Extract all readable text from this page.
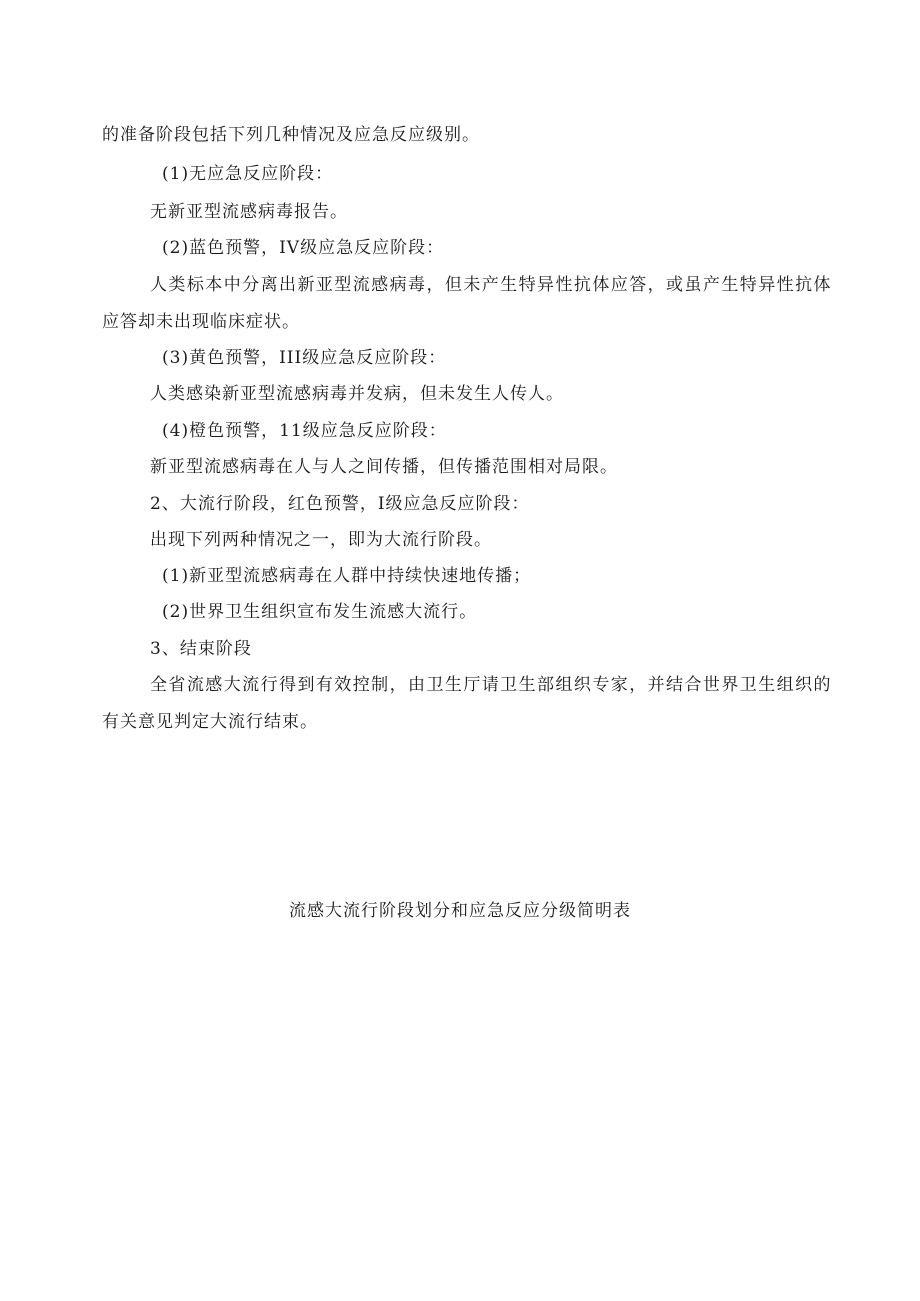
的准备阶段包括下列几种情况及应急反应级别。
(1)无应急反应阶段：
无新亚型流感病毒报告。
(2)蓝色预警，IV级应急反应阶段：
人类标本中分离出新亚型流感病毒，但未产生特异性抗体应答，或虽产生特异性抗体
应答却未出现临床症状。
(3)黄色预警，III级应急反应阶段：
人类感染新亚型流感病毒并发病，但未发生人传人。
(4)橙色预警，11级应急反应阶段：
新亚型流感病毒在人与人之间传播，但传播范围相对局限。
2、大流行阶段，红色预警，I级应急反应阶段：
出现下列两种情况之一，即为大流行阶段。
(1)新亚型流感病毒在人群中持续快速地传播；
(2)世界卫生组织宣布发生流感大流行。
3、结束阶段
全省流感大流行得到有效控制，由卫生厅请卫生部组织专家，并结合世界卫生组织的
有关意见判定大流行结束。
流感大流行阶段划分和应急反应分级简明表
